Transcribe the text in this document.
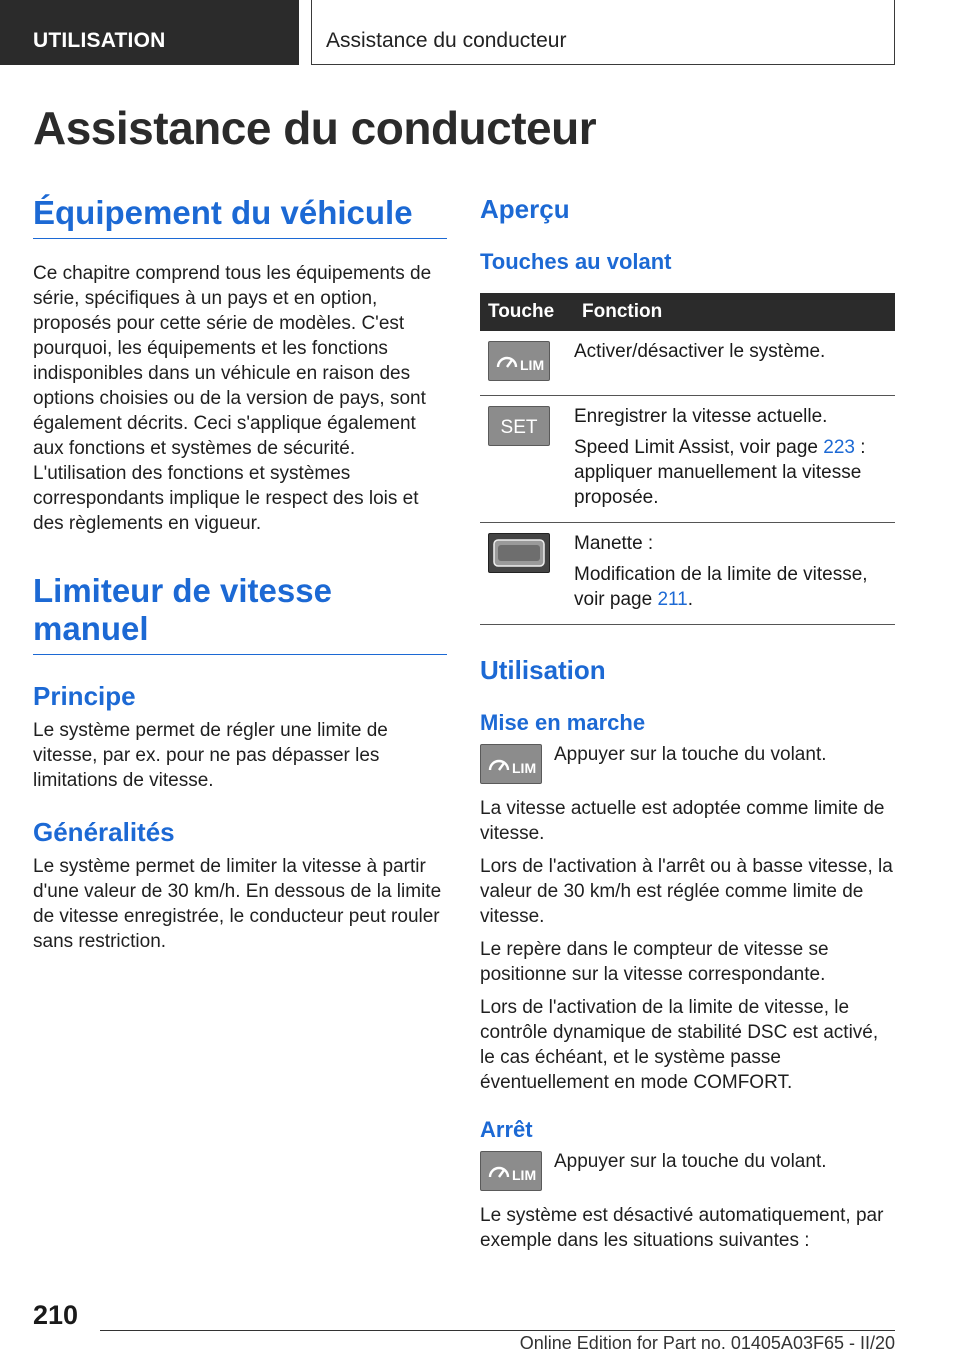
UTILISATION	Assistance du conducteur
Assistance du conducteur
Équipement du véhicule

Ce chapitre comprend tous les équipements de série, spécifiques à un pays et en option, proposés pour cette série de modèles. C'est pourquoi, les équipements et les fonctions indisponibles dans un véhicule en raison des options choisies ou de la version de pays, sont également décrits. Ceci s'applique également aux fonctions et systèmes de sécurité. L'utilisation des fonctions et systèmes correspondants implique le respect des lois et des règlements en vigueur.

Limiteur de vitesse manuel
Principe

Le système permet de régler une limite de vitesse, par ex. pour ne pas dépasser les limitations de vitesse.

Généralités

Le système permet de limiter la vitesse à partir d'une valeur de 30 km/h. En dessous de la limite de vitesse enregistrée, le conducteur peut rouler sans restriction.

Aperçu
Touches au volant
Touche	Fonction

LIM	Activer/désactiver le système.

SET	Enregistrer la vitesse actuelle.

Speed Limit Assist, voir page 223 : appliquer manuellement la vitesse proposée.

Manette :

Modification de la limite de vitesse, voir page 211.

Utilisation
Mise en marche
LIM

Appuyer sur la touche du volant.

La vitesse actuelle est adoptée comme limite de vitesse.

Lors de l'activation à l'arrêt ou à basse vitesse, la valeur de 30 km/h est réglée comme limite de vitesse.

Le repère dans le compteur de vitesse se positionne sur la vitesse correspondante.

Lors de l'activation de la limite de vitesse, le contrôle dynamique de stabilité DSC est activé, le cas échéant, et le système passe éventuellement en mode COMFORT.

Arrêt
LIM

Appuyer sur la touche du volant.

Le système est désactivé automatiquement, par exemple dans les situations suivantes :

210
Online Edition for Part no. 01405A03F65 - II/20
